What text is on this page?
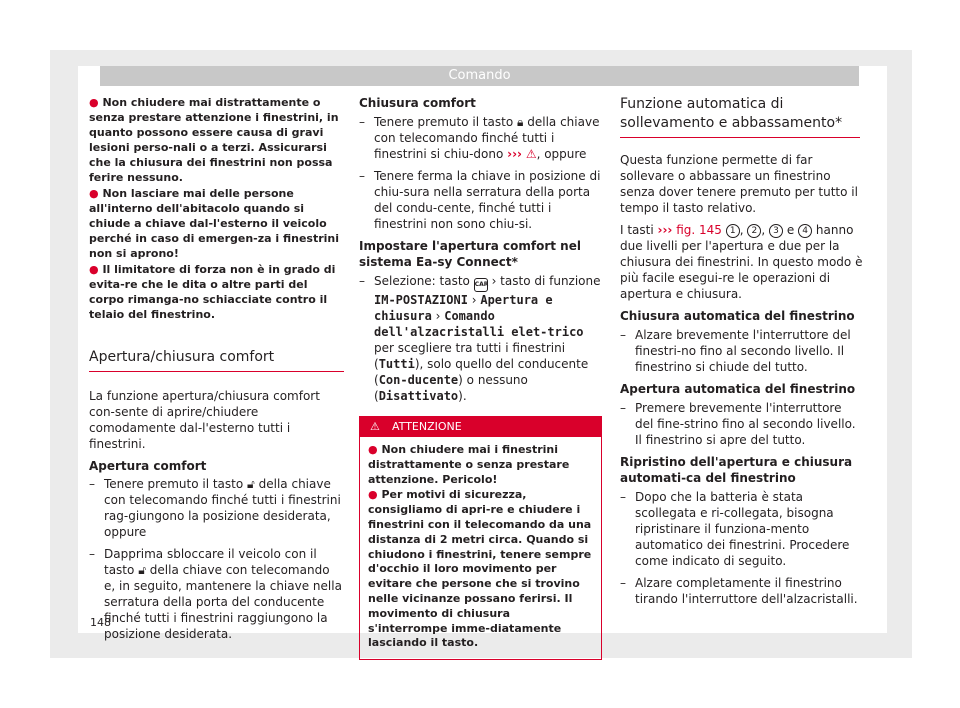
Comando

● Non chiudere mai distrattamente o senza prestare attenzione i finestrini, in quanto possono essere causa di gravi lesioni perso-nali o a terzi. Assicurarsi che la chiusura dei finestrini non possa ferire nessuno.

● Non lasciare mai delle persone all'interno dell'abitacolo quando si chiude a chiave dal-l'esterno il veicolo perché in caso di emergen-za i finestrini non si aprono!

● Il limitatore di forza non è in grado di evita-re che le dita o altre parti del corpo rimanga-no schiacciate contro il telaio del finestrino.

Apertura/chiusura comfort

La funzione apertura/chiusura comfort con-sente di aprire/chiudere comodamente dal-l'esterno tutti i finestrini.

Apertura comfort

– Tenere premuto il tasto 🔓︎ della chiave con telecomando finché tutti i finestrini rag-giungono la posizione desiderata, oppure
– Dapprima sbloccare il veicolo con il tasto 🔓︎ della chiave con telecomando e, in seguito, mantenere la chiave nella serratura della porta del conducente finché tutti i finestrini raggiungono la posizione desiderata.

Chiusura comfort

– Tenere premuto il tasto 🔒︎ della chiave con telecomando finché tutti i finestrini si chiu-dono ››› ⚠, oppure
– Tenere ferma la chiave in posizione di chiu-sura nella serratura della porta del condu-cente, finché tutti i finestrini non sono chiu-si.

Impostare l'apertura comfort nel sistema Ea-sy Connect*

– Selezione: tasto CAR › tasto di funzione IM-POSTAZIONI › Apertura e chiusura › Comando dell'alzacristalli elet-trico per scegliere tra tutti i finestrini (Tutti), solo quello del conducente (Con-ducente) o nessuno (Disattivato).
⚠ ATTENZIONE

● Non chiudere mai i finestrini distrattamente o senza prestare attenzione. Pericolo!

● Per motivi di sicurezza, consigliamo di apri-re e chiudere i finestrini con il telecomando da una distanza di 2 metri circa. Quando si chiudono i finestrini, tenere sempre d'occhio il loro movimento per evitare che persone che si trovino nelle vicinanze possano ferirsi. Il movimento di chiusura s'interrompe imme-diatamente lasciando il tasto.

Funzione automatica di sollevamento e abbassamento*

Questa funzione permette di far sollevare o abbassare un finestrino senza dover tenere premuto per tutto il tempo il tasto relativo.

I tasti ››› fig. 145 1 , 2 , 3 e 4 hanno due livelli per l'apertura e due per la chiusura dei finestrini. In questo modo è più facile esegui-re le operazioni di apertura e chiusura.

Chiusura automatica del finestrino

– Alzare brevemente l'interruttore del finestri-no fino al secondo livello. Il finestrino si chiude del tutto.

Apertura automatica del finestrino

– Premere brevemente l'interruttore del fine-strino fino al secondo livello. Il finestrino si apre del tutto.

Ripristino dell'apertura e chiusura automati-ca del finestrino

– Dopo che la batteria è stata scollegata e ri-collegata, bisogna ripristinare il funziona-mento automatico dei finestrini. Procedere come indicato di seguito.
– Alzare completamente il finestrino tirando l'interruttore dell'alzacristalli.
148
